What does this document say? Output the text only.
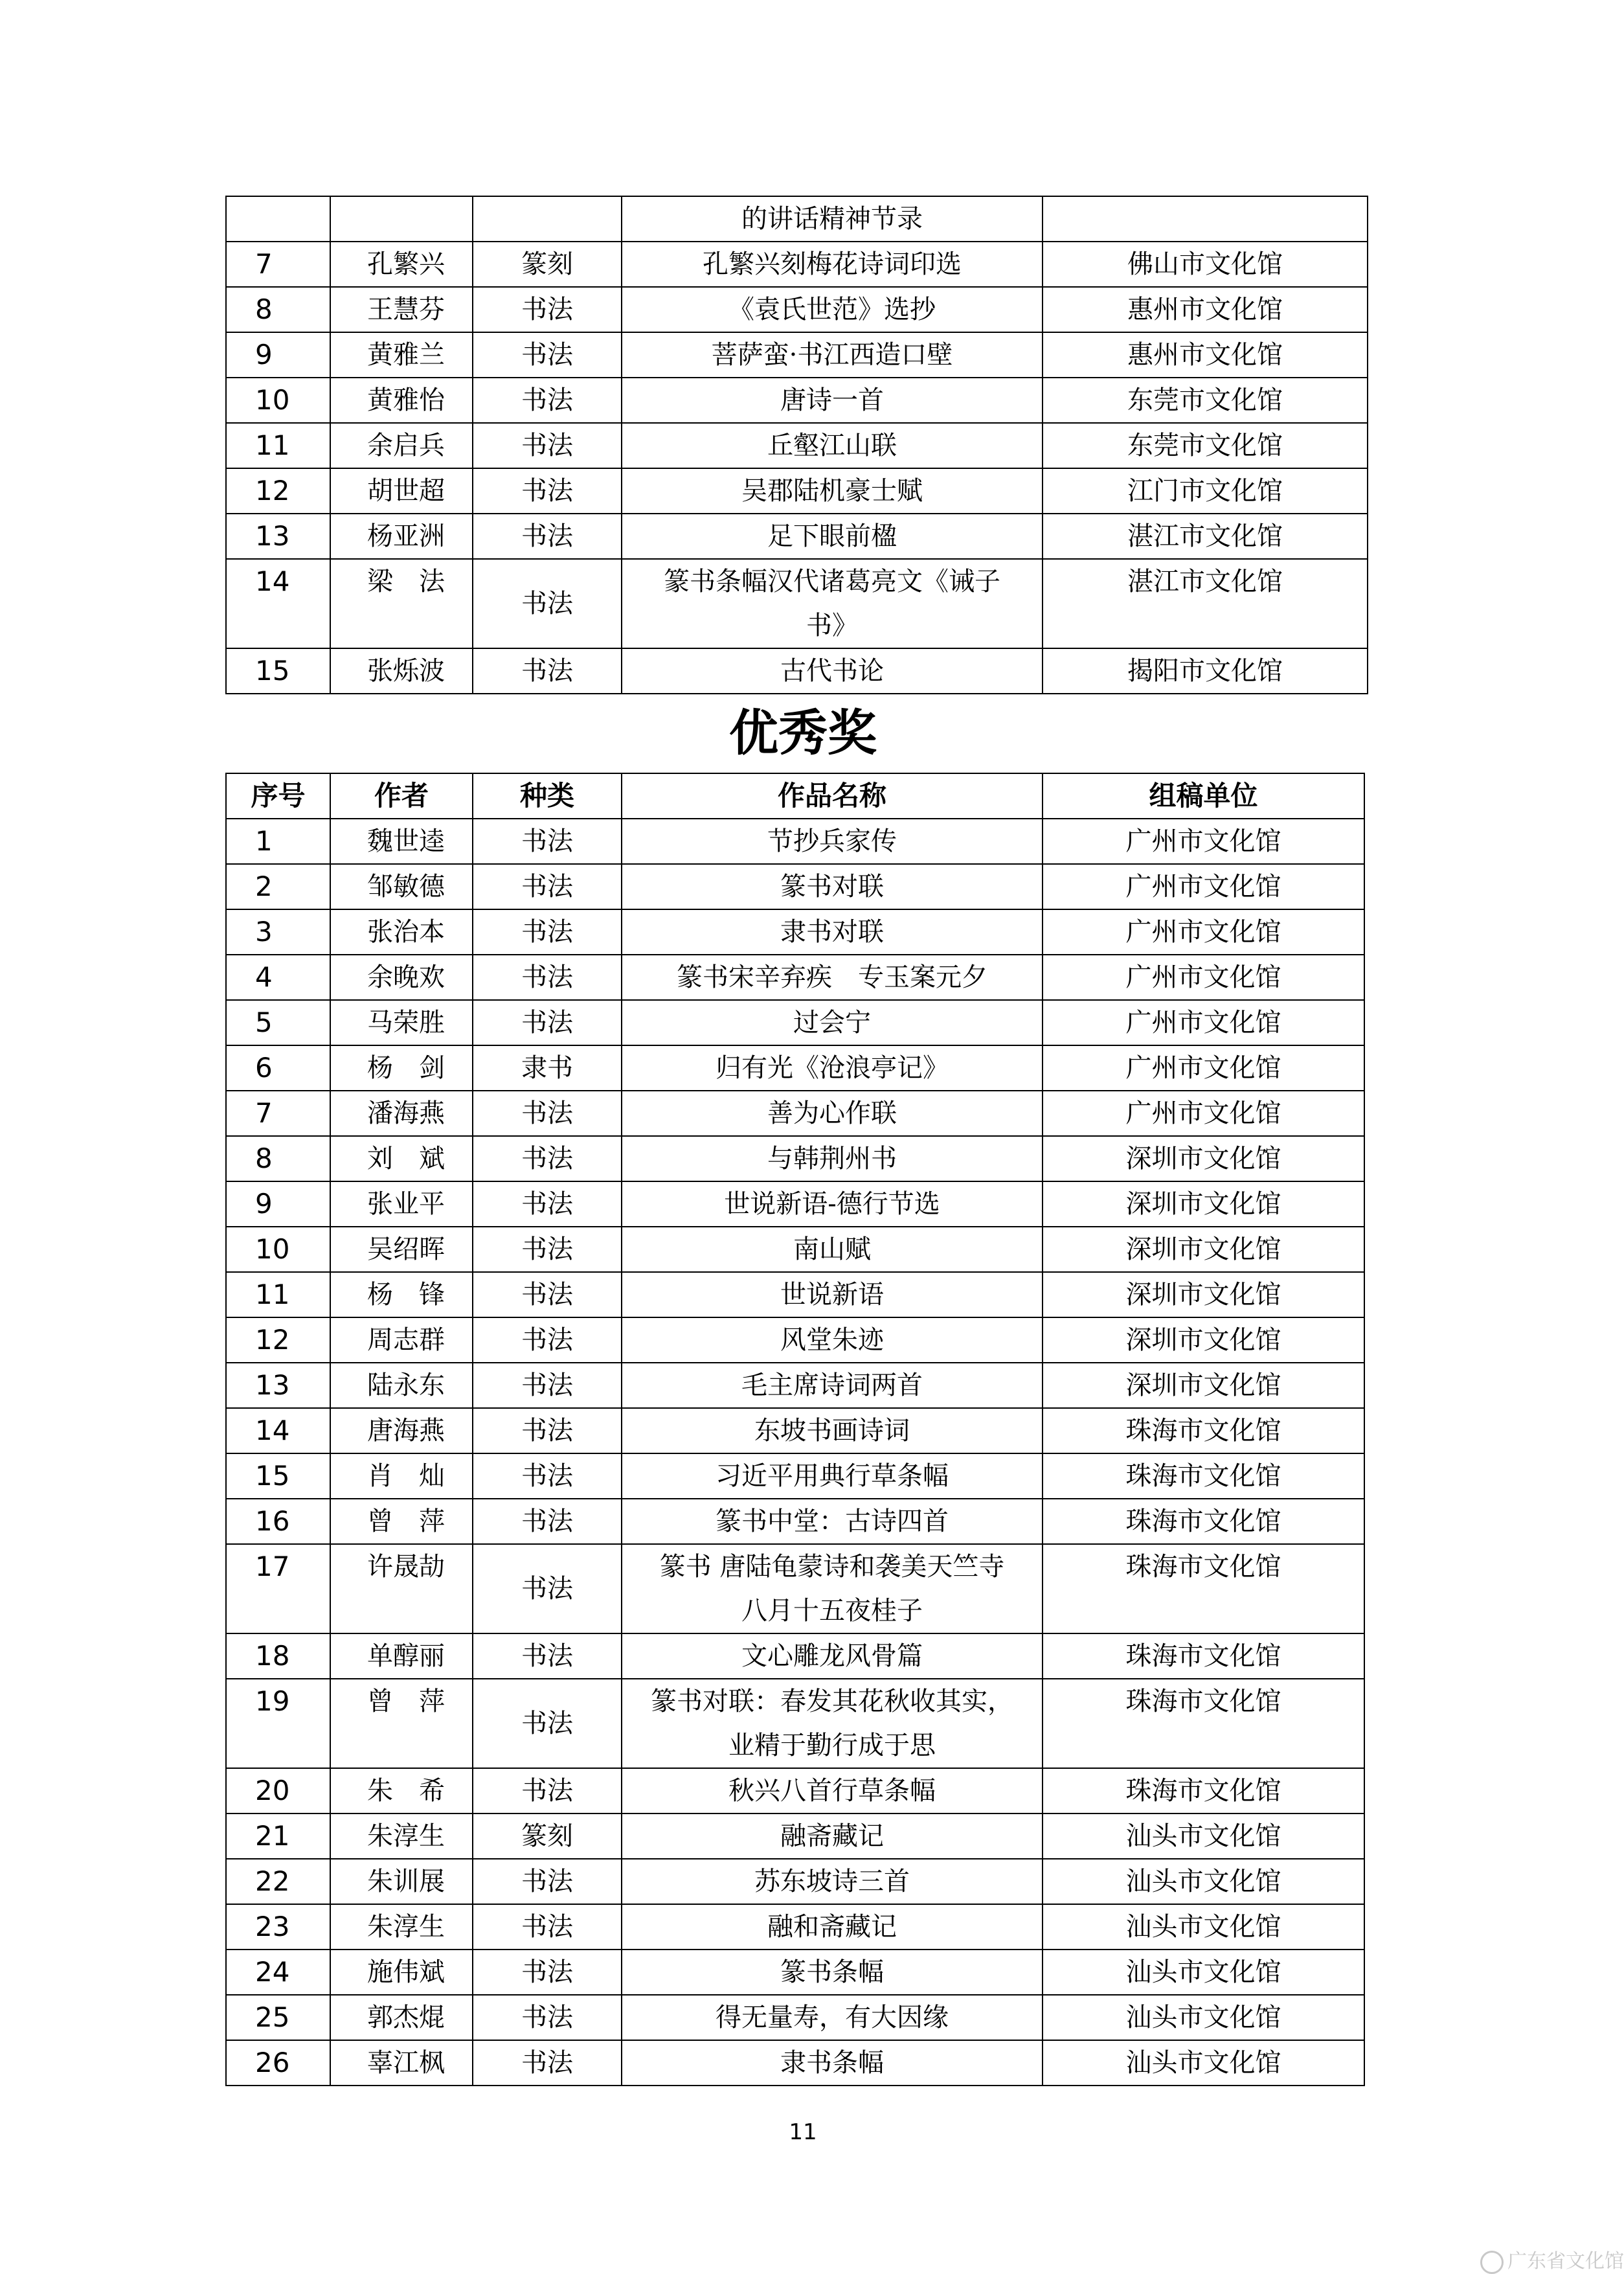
			的讲话精神节录	
7	孔繁兴	篆刻	孔繁兴刻梅花诗词印选	佛山市文化馆
8	王慧芬	书法	《袁氏世范》选抄	惠州市文化馆
9	黄雅兰	书法	菩萨蛮·书江西造口壁	惠州市文化馆
10	黄雅怡	书法	唐诗一首	东莞市文化馆
11	余启兵	书法	丘壑江山联	东莞市文化馆
12	胡世超	书法	吴郡陆机豪士赋	江门市文化馆
13	杨亚洲	书法	足下眼前楹	湛江市文化馆
14	梁　法	书法	篆书条幅汉代诸葛亮文《诫子
书》	湛江市文化馆
15	张烁波	书法	古代书论	揭阳市文化馆
优秀奖
序号	作者	种类	作品名称	组稿单位
1	魏世逵	书法	节抄兵家传	广州市文化馆
2	邹敏德	书法	篆书对联	广州市文化馆
3	张治本	书法	隶书对联	广州市文化馆
4	余晚欢	书法	篆书宋辛弃疾　专玉案元夕	广州市文化馆
5	马荣胜	书法	过会宁	广州市文化馆
6	杨　剑	隶书	归有光《沧浪亭记》	广州市文化馆
7	潘海燕	书法	善为心作联	广州市文化馆
8	刘　斌	书法	与韩荆州书	深圳市文化馆
9	张业平	书法	世说新语-德行节选	深圳市文化馆
10	吴绍晖	书法	南山赋	深圳市文化馆
11	杨　锋	书法	世说新语	深圳市文化馆
12	周志群	书法	风堂朱迹	深圳市文化馆
13	陆永东	书法	毛主席诗词两首	深圳市文化馆
14	唐海燕	书法	东坡书画诗词	珠海市文化馆
15	肖　灿	书法	习近平用典行草条幅	珠海市文化馆
16	曾　萍	书法	篆书中堂：古诗四首	珠海市文化馆
17	许晟劼	书法	篆书 唐陆龟蒙诗和袭美天竺寺
八月十五夜桂子	珠海市文化馆
18	单醇丽	书法	文心雕龙风骨篇	珠海市文化馆
19	曾　萍	书法	篆书对联：春发其花秋收其实，
业精于勤行成于思	珠海市文化馆
20	朱　希	书法	秋兴八首行草条幅	珠海市文化馆
21	朱淳生	篆刻	融斋藏记	汕头市文化馆
22	朱训展	书法	苏东坡诗三首	汕头市文化馆
23	朱淳生	书法	融和斋藏记	汕头市文化馆
24	施伟斌	书法	篆书条幅	汕头市文化馆
25	郭杰焜	书法	得无量寿，有大因缘	汕头市文化馆
26	辜江枫	书法	隶书条幅	汕头市文化馆
11
广东省文化馆
